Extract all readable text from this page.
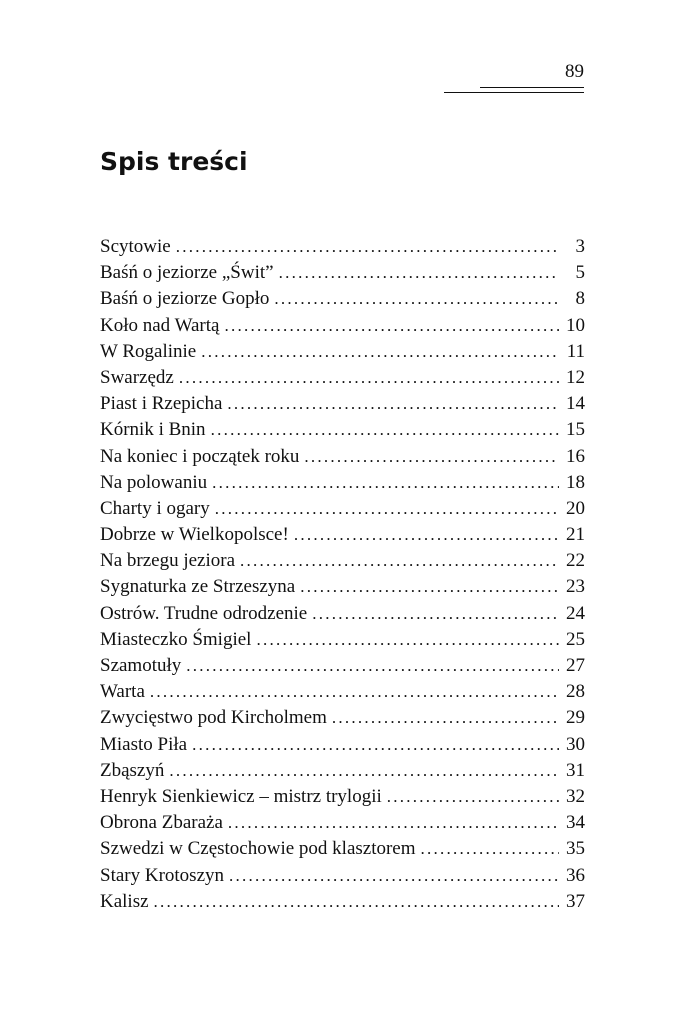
89
Spis treści
Scytowie . . .	3
Baśń o jeziorze „Świt” . . .	5
Baśń o jeziorze Gopło . . .	8
Koło nad Wartą . . .	10
W Rogalinie . . .	11
Swarzędz . . .	12
Piast i Rzepicha . . .	14
Kórnik i Bnin . . .	15
Na koniec i początek roku . . .	16
Na polowaniu . . .	18
Charty i ogary . . .	20
Dobrze w Wielkopolsce! . . .	21
Na brzegu jeziora . . .	22
Sygnaturka ze Strzeszyna . . .	23
Ostrów. Trudne odrodzenie . . .	24
Miasteczko Śmigiel . . .	25
Szamotuły . . .	27
Warta . . .	28
Zwycięstwo pod Kircholmem . . .	29
Miasto Piła . . .	30
Zbąszyń . . .	31
Henryk Sienkiewicz – mistrz trylogii . . .	32
Obrona Zbaraża . . .	34
Szwedzi w Częstochowie pod klasztorem . . .	35
Stary Krotoszyn . . .	36
Kalisz . . .	37
